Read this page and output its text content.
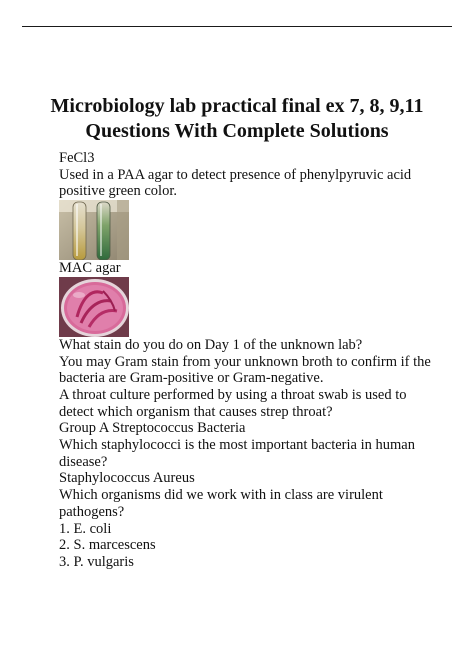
Microbiology lab practical final ex 7, 8, 9,11
Questions With Complete Solutions
FeCl3
Used in a PAA agar to detect presence of phenylpyruvic acid
positive green color.
MAC agar
What stain do you do on Day 1 of the unknown lab?
You may Gram stain from your unknown broth to confirm if the
bacteria are Gram-positive or Gram-negative.
A throat culture performed by using a throat swab is used to
detect which organism that causes strep throat?
Group A Streptococcus Bacteria
Which staphylococci is the most important bacteria in human
disease?
Staphylococcus Aureus
Which organisms did we work with in class are virulent
pathogens?
1. E. coli
2. S. marcescens
3. P. vulgaris
